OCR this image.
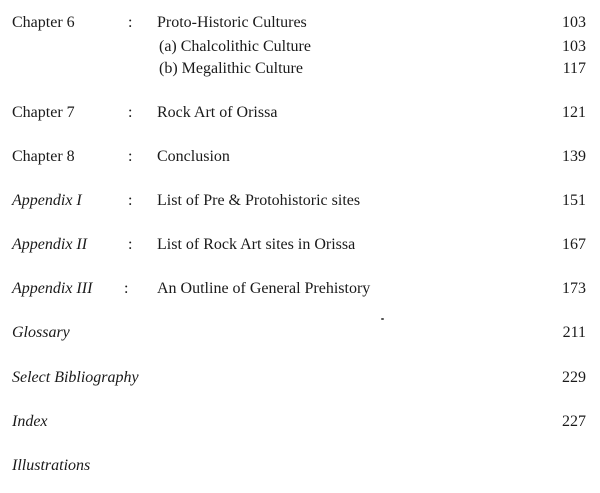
Chapter 6	: Proto-Historic Cultures	103
(a) Chalcolithic Culture	103
(b) Megalithic Culture	117
Chapter 7	: Rock Art of Orissa	121
Chapter 8	: Conclusion	139
Appendix I	: List of Pre & Protohistoric sites	151
Appendix II	: List of Rock Art sites in Orissa	167
Appendix III : An Outline of General Prehistory	173
Glossary	211
Select Bibliography	229
Index	227
Illustrations
